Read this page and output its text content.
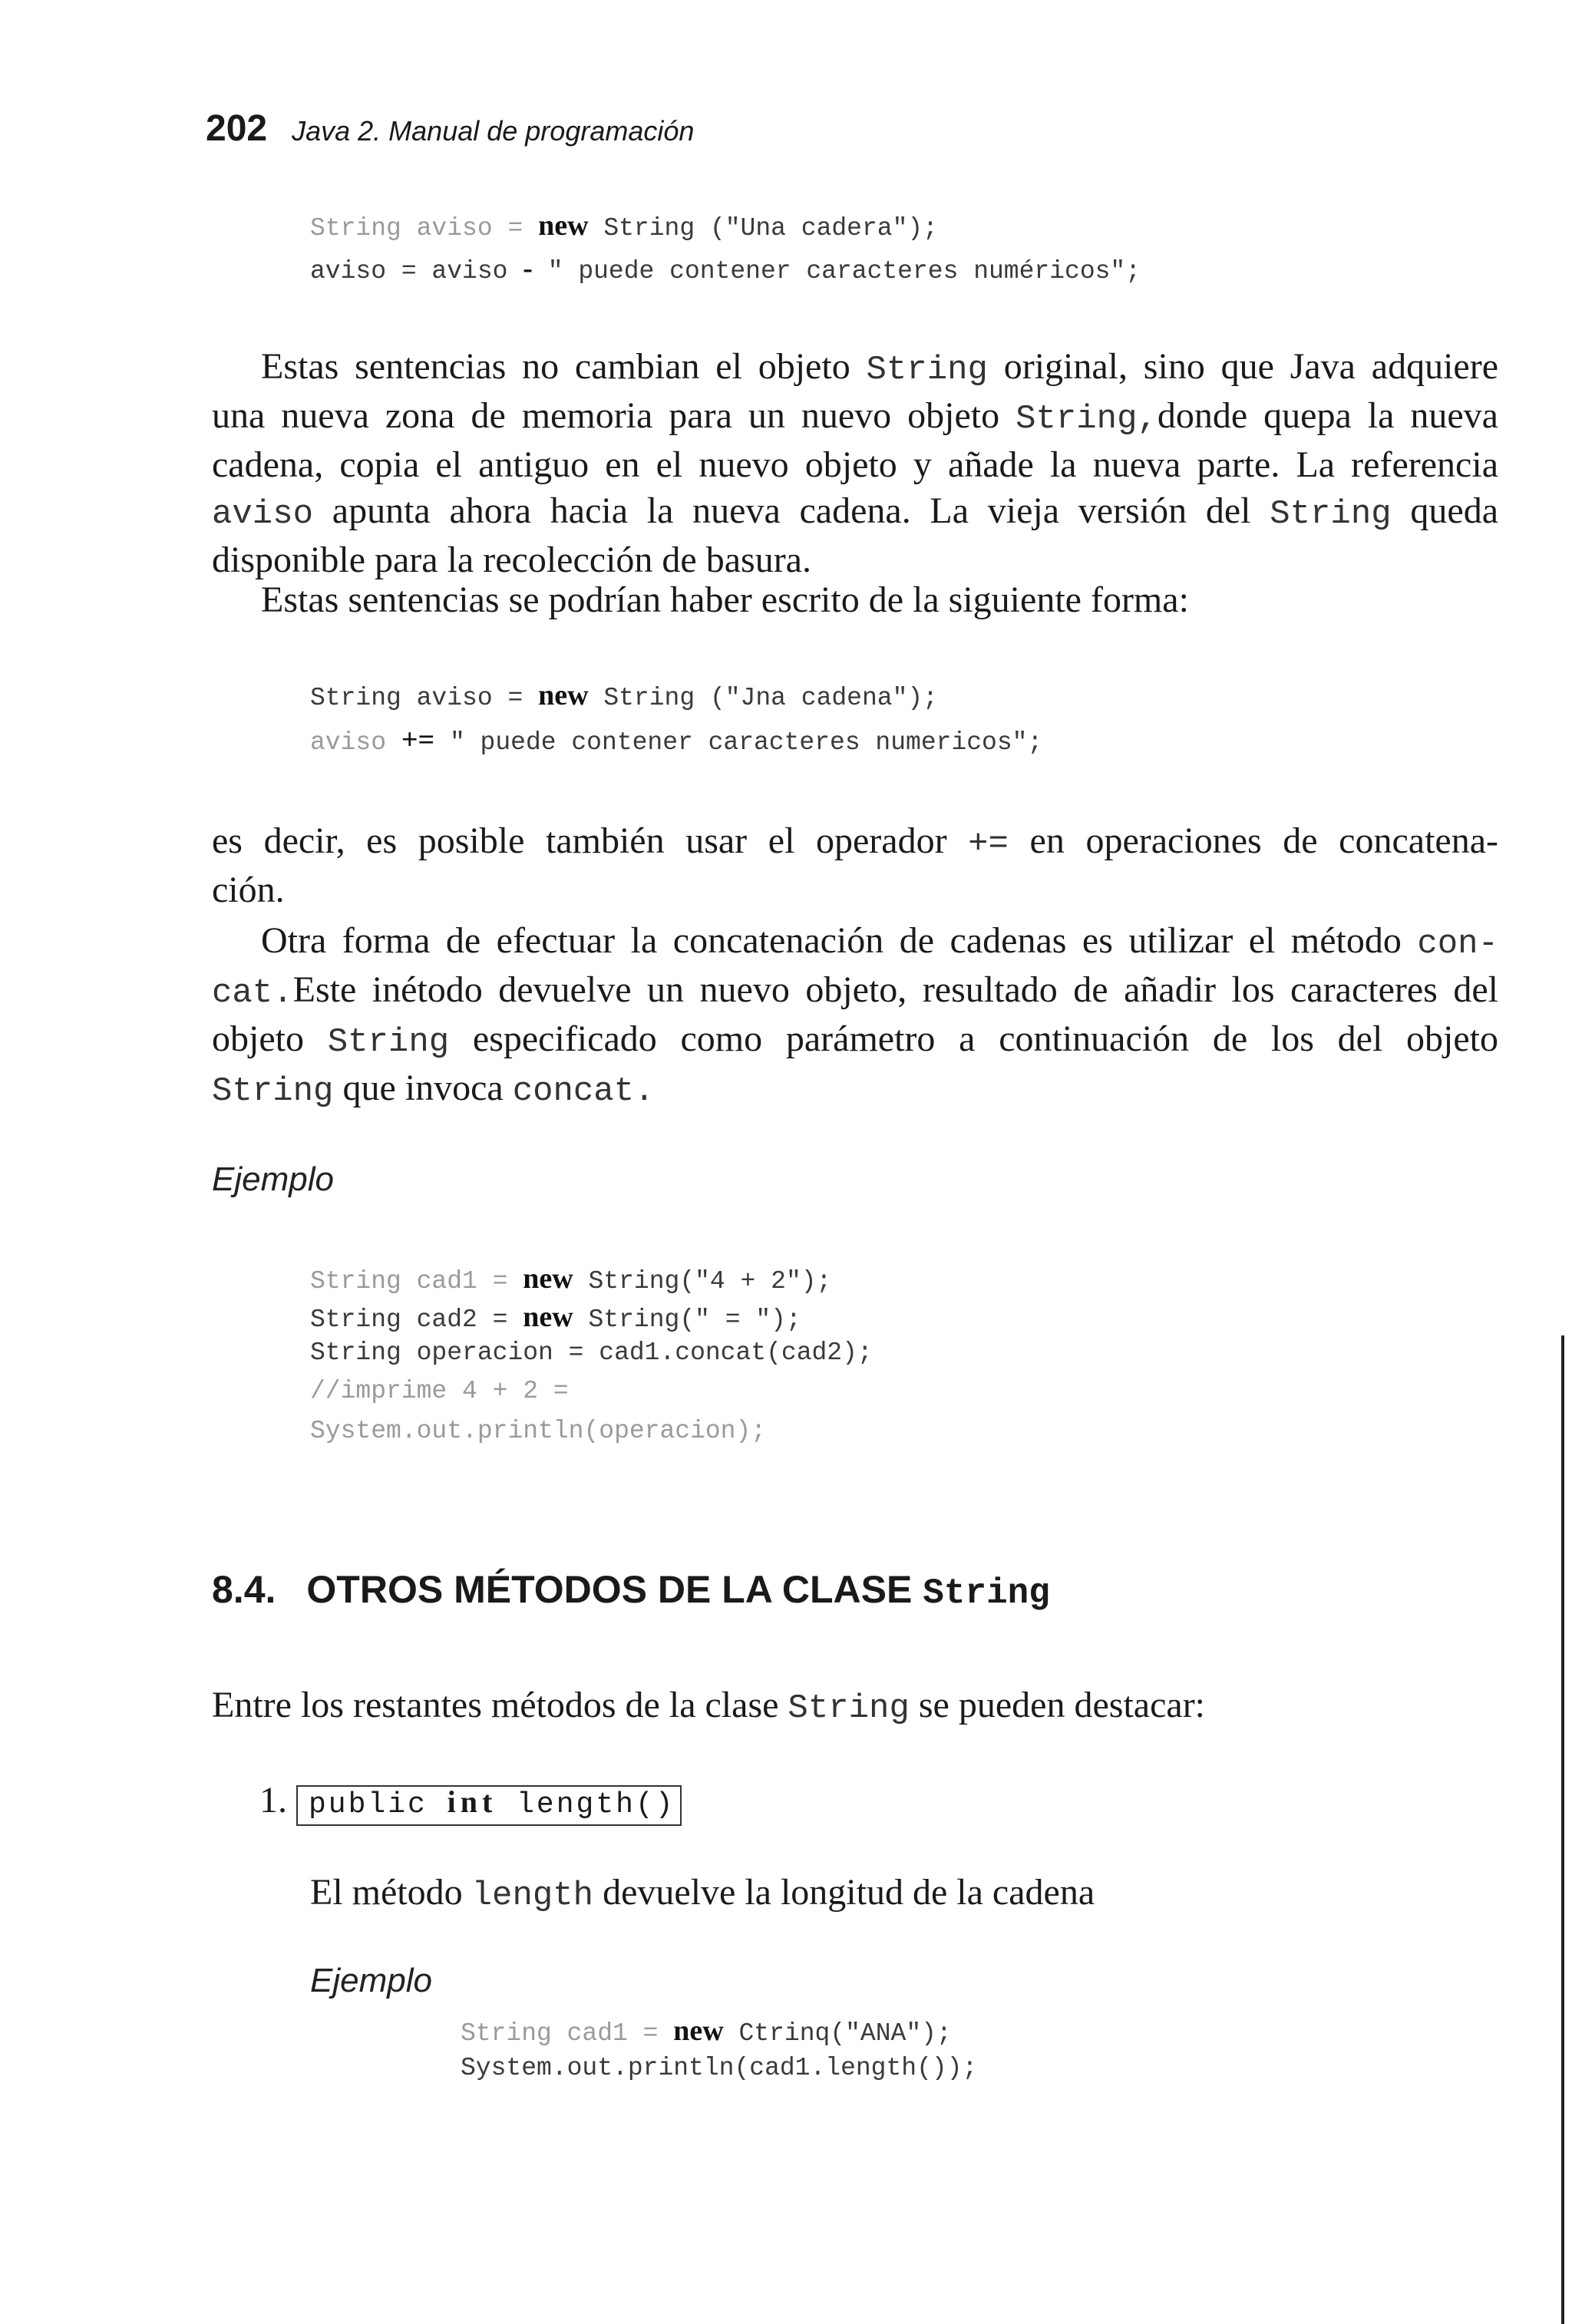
202 Java 2. Manual de programación
String aviso = new String ("Una cadera");
aviso = aviso - " puede contener caracteres numéricos";
Estas sentencias no cambian el objeto String original, sino que Java adquiere
una nueva zona de memoria para un nuevo objeto String,donde quepa la nueva
cadena, copia el antiguo en el nuevo objeto y añade la nueva parte. La referencia
aviso apunta ahora hacia la nueva cadena. La vieja versión del String queda
disponible para la recolección de basura.
Estas sentencias se podrían haber escrito de la siguiente forma:
String aviso = new String ("Jna cadena");
aviso += " puede contener caracteres numericos";
es decir, es posible también usar el operador += en operaciones de concatena-
ción.
Otra forma de efectuar la concatenación de cadenas es utilizar el método con-
cat.Este inétodo devuelve un nuevo objeto, resultado de añadir los caracteres del
objeto String especificado como parámetro a continuación de los del objeto
String que invoca concat.
Ejemplo
String cad1 = new String("4 + 2");
String cad2 = new String(" = ");
String operacion = cad1.concat(cad2);
//imprime 4 + 2 =
System.out.println(operacion);
8.4. OTROS MÉTODOS DE LA CLASE String
Entre los restantes métodos de la clase String se pueden destacar:
1. public int length()
El método length devuelve la longitud de la cadena
Ejemplo
String cad1 = new Ctrinq("ANA");
System.out.println(cad1.length());
